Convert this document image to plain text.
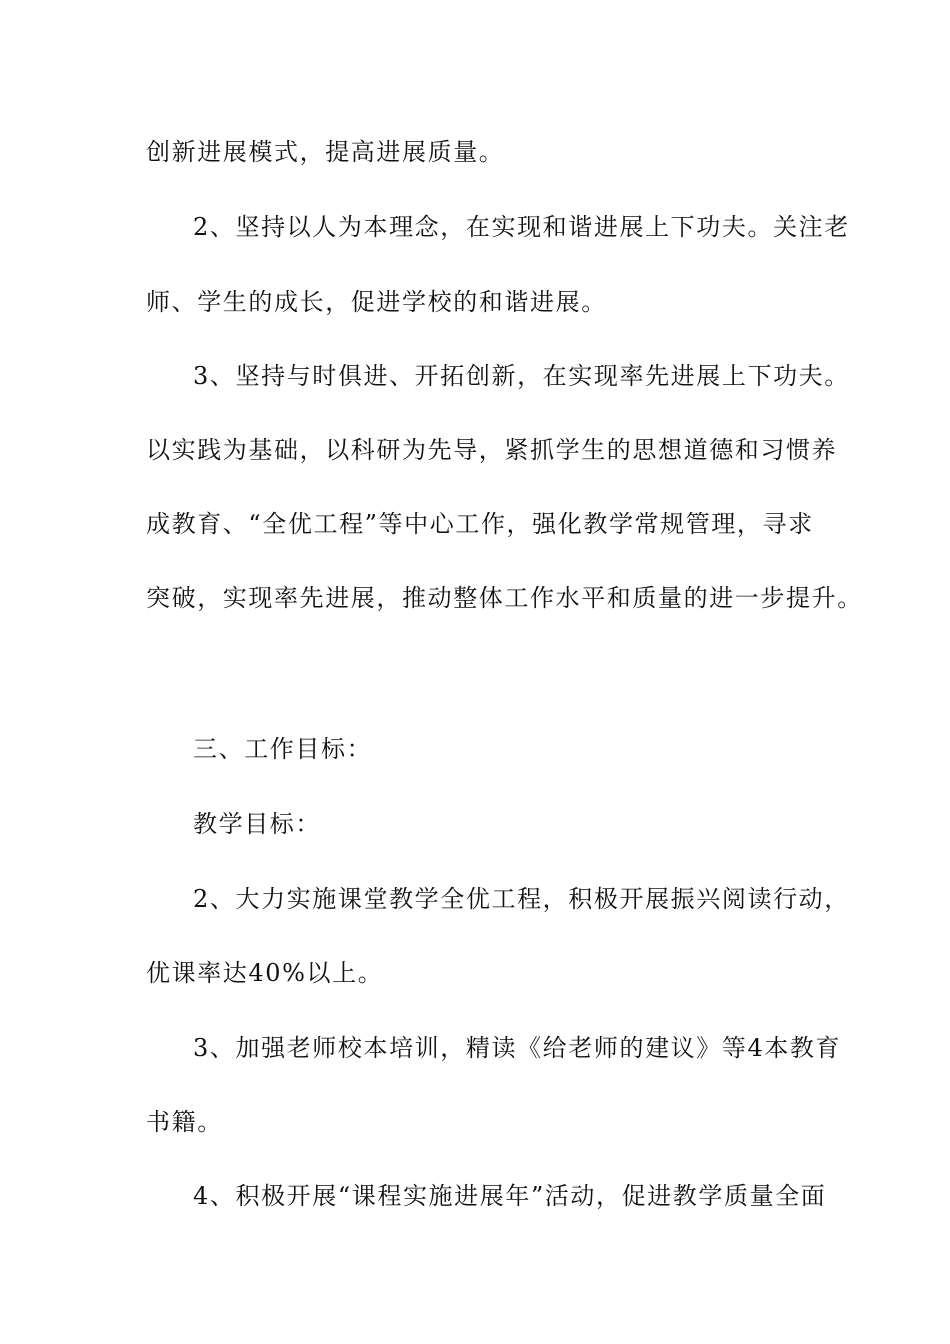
创新进展模式，提高进展质量。
2、坚持以人为本理念，在实现和谐进展上下功夫。关注老
师、学生的成长，促进学校的和谐进展。
3、坚持与时俱进、开拓创新，在实现率先进展上下功夫。
以实践为基础，以科研为先导，紧抓学生的思想道德和习惯养
成教育、“全优工程”等中心工作，强化教学常规管理，寻求
突破，实现率先进展，推动整体工作水平和质量的进一步提升。
三、工作目标：
教学目标：
2、大力实施课堂教学全优工程，积极开展振兴阅读行动，
优课率达40%以上。
3、加强老师校本培训，精读《给老师的建议》等4本教育
书籍。
4、积极开展“课程实施进展年”活动，促进教学质量全面
